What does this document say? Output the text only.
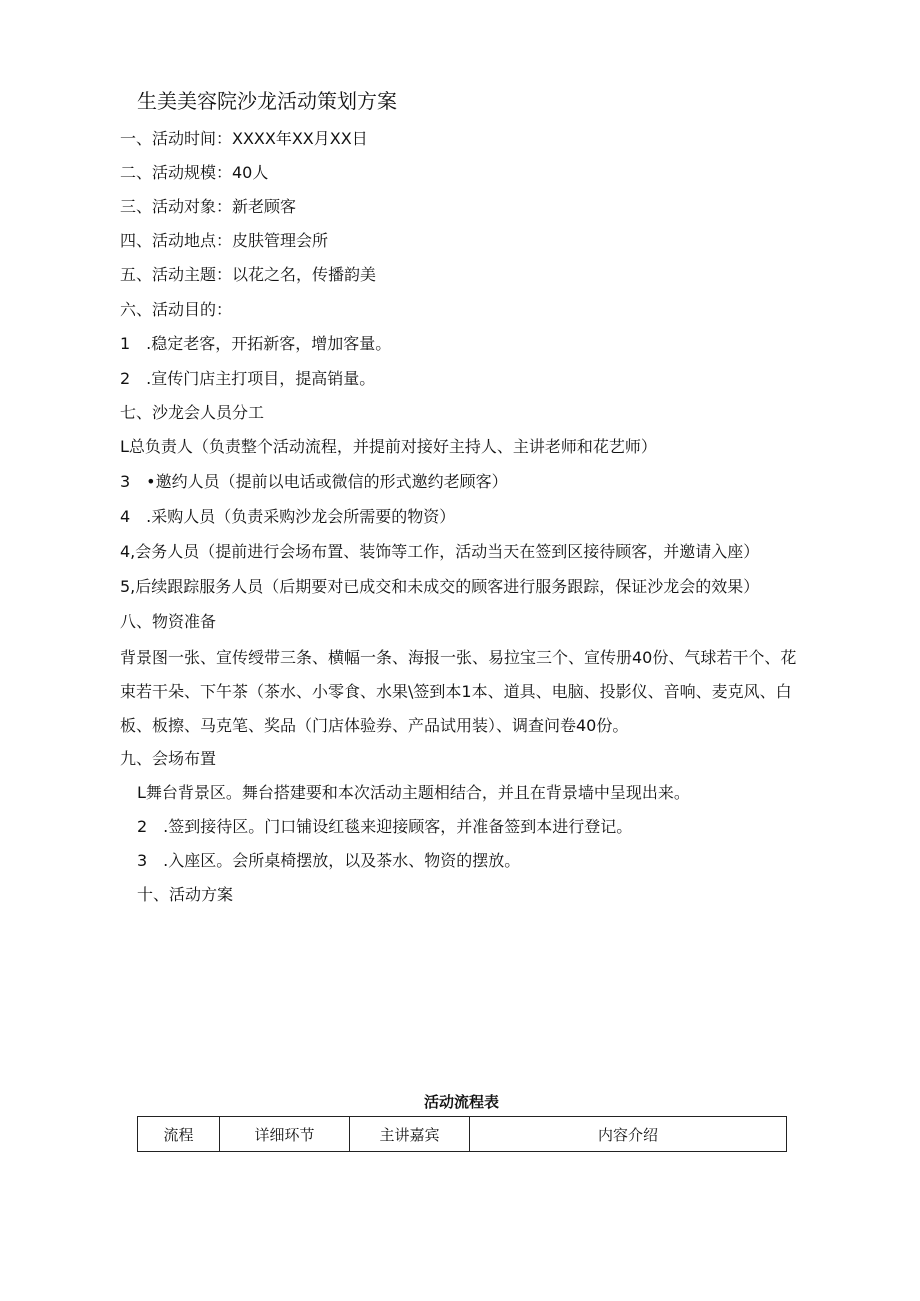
生美美容院沙龙活动策划方案
一、活动时间：XXXX年XX月XX日
二、活动规模：40人
三、活动对象：新老顾客
四、活动地点：皮肤管理会所
五、活动主题：以花之名，传播韵美
六、活动目的：
1　.稳定老客，开拓新客，增加客量。
2　.宣传门店主打项目，提高销量。
七、沙龙会人员分工
L总负责人（负责整个活动流程，并提前对接好主持人、主讲老师和花艺师）
3　•邀约人员（提前以电话或微信的形式邀约老顾客）
4　.采购人员（负责采购沙龙会所需要的物资）
4,会务人员（提前进行会场布置、装饰等工作，活动当天在签到区接待顾客，并邀请入座）
5,后续跟踪服务人员（后期要对已成交和未成交的顾客进行服务跟踪，保证沙龙会的效果）
八、物资准备
背景图一张、宣传绶带三条、横幅一条、海报一张、易拉宝三个、宣传册40份、气球若干个、花束若干朵、下午茶（茶水、小零食、水果\签到本1本、道具、电脑、投影仪、音响、麦克风、白板、板擦、马克笔、奖品（门店体验券、产品试用装）、调查问卷40份。
九、会场布置
L舞台背景区。舞台搭建要和本次活动主题相结合，并且在背景墙中呈现出来。
2　.签到接待区。门口铺设红毯来迎接顾客，并准备签到本进行登记。
3　.入座区。会所桌椅摆放，以及茶水、物资的摆放。
十、活动方案
活动流程表
流程	详细环节	主讲嘉宾	内容介绍
